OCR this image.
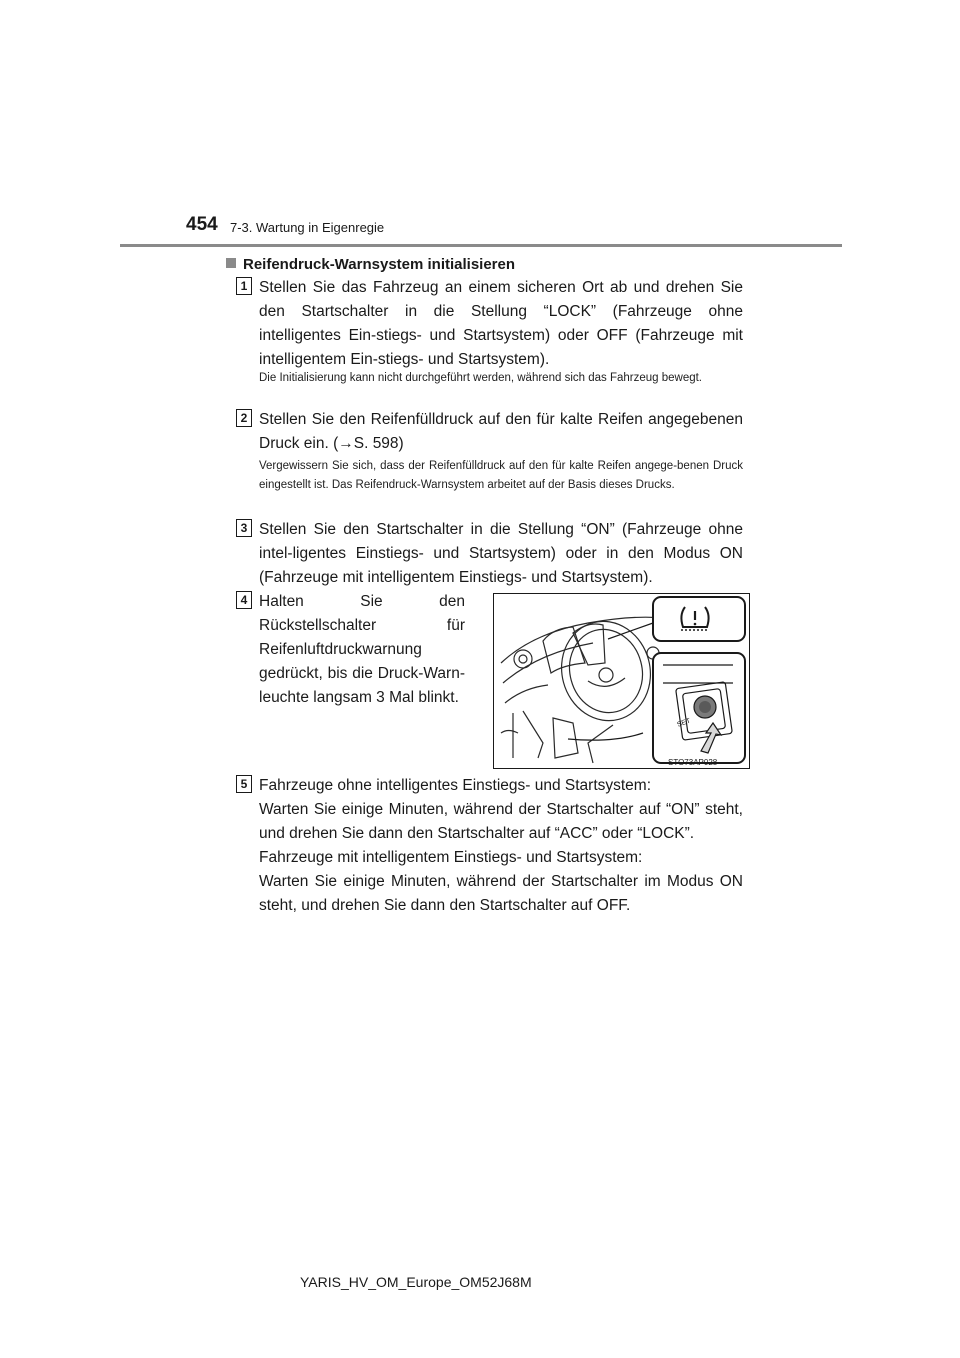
454 7-3. Wartung in Eigenregie
Reifendruck-Warnsystem initialisieren
1 Stellen Sie das Fahrzeug an einem sicheren Ort ab und drehen Sie den Startschalter in die Stellung “LOCK” (Fahrzeuge ohne intelligentes Ein-stiegs- und Startsystem) oder OFF (Fahrzeuge mit intelligentem Ein-stiegs- und Startsystem).
Die Initialisierung kann nicht durchgeführt werden, während sich das Fahrzeug bewegt.
2 Stellen Sie den Reifenfülldruck auf den für kalte Reifen angegebenen Druck ein. (→S. 598)
Vergewissern Sie sich, dass der Reifenfülldruck auf den für kalte Reifen angege-benen Druck eingestellt ist. Das Reifendruck-Warnsystem arbeitet auf der Basis dieses Drucks.
3 Stellen Sie den Startschalter in die Stellung “ON” (Fahrzeuge ohne intel-ligentes Einstiegs- und Startsystem) oder in den Modus ON (Fahrzeuge mit intelligentem Einstiegs- und Startsystem).
4 Halten Sie den Rückstellschalter für Reifenluftdruckwarnung gedrückt, bis die Druck-Warn-leuchte langsam 3 Mal blinkt.
SET
STO73AP028
5 Fahrzeuge ohne intelligentes Einstiegs- und Startsystem:
Warten Sie einige Minuten, während der Startschalter auf “ON” steht, und drehen Sie dann den Startschalter auf “ACC” oder “LOCK”.
Fahrzeuge mit intelligentem Einstiegs- und Startsystem:
Warten Sie einige Minuten, während der Startschalter im Modus ON steht, und drehen Sie dann den Startschalter auf OFF.
YARIS_HV_OM_Europe_OM52J68M
